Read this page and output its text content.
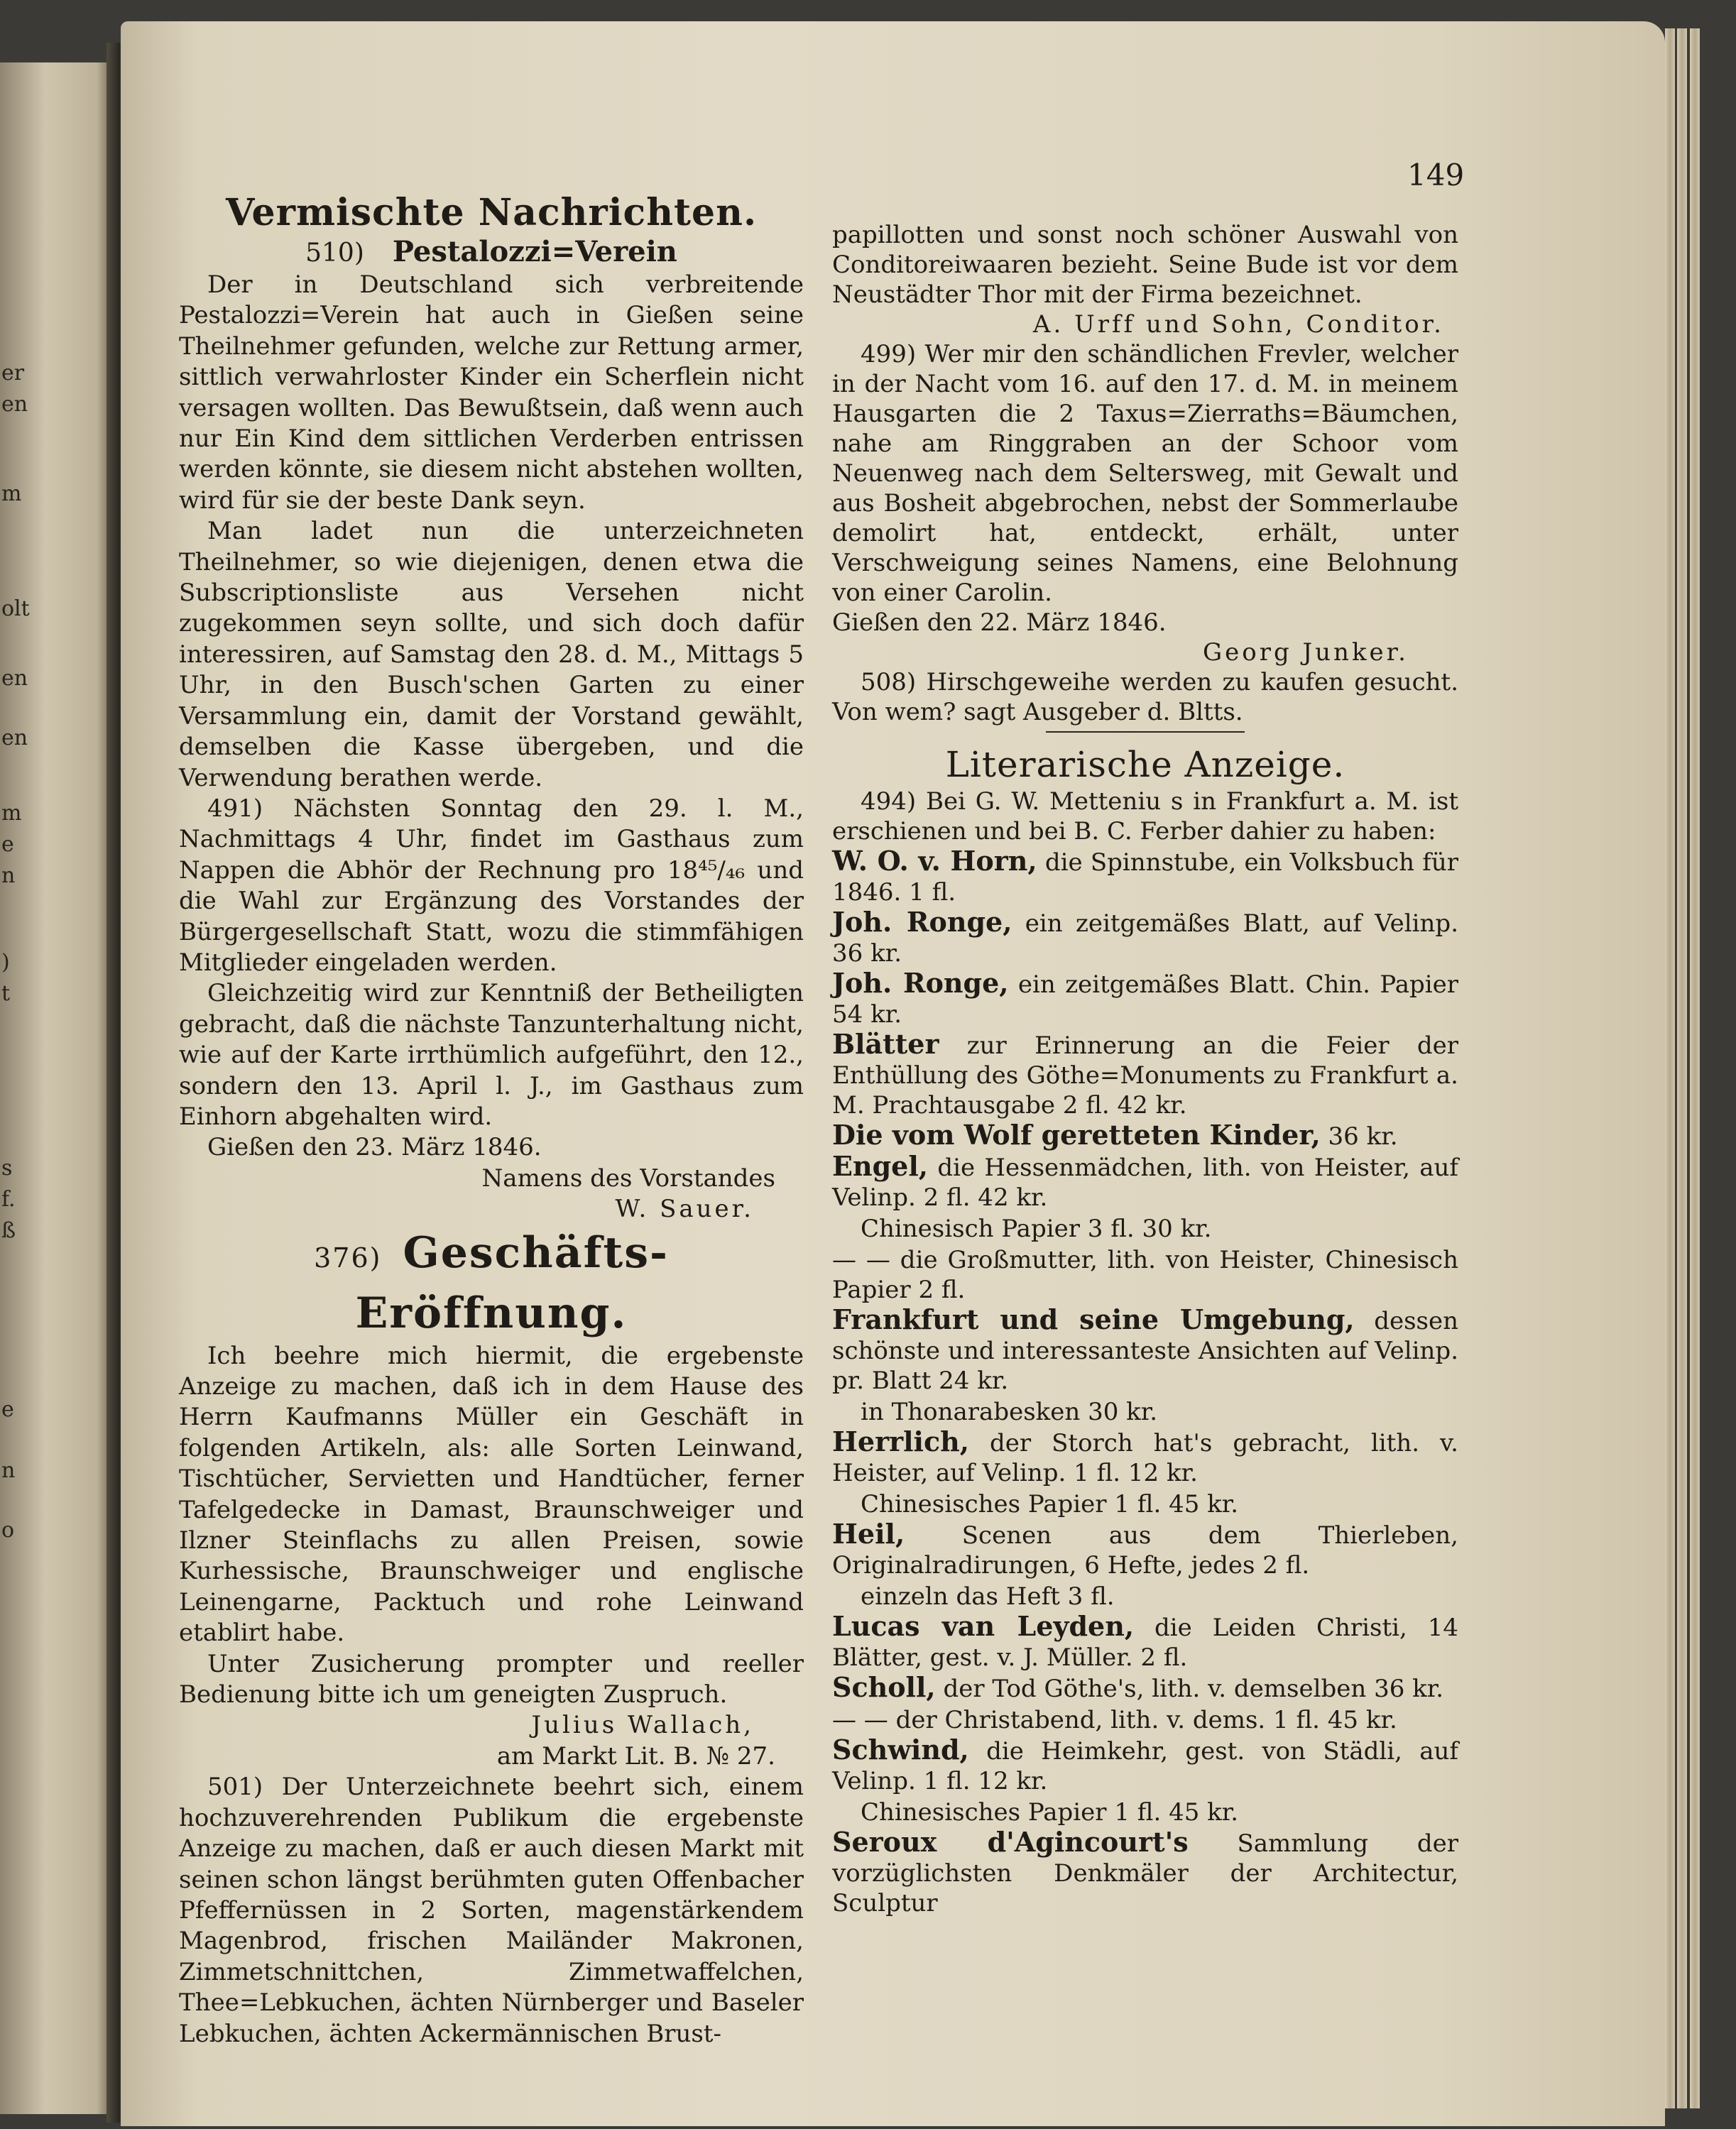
er
en
m
olt
en
en
m
e
n
)
t
s
f.
ß
e
n
o
149
Vermischte Nachrichten.
510) Pestalozzi=Verein

Der in Deutschland sich verbreitende Pestalozzi=Verein hat auch in Gießen seine Theilnehmer gefunden, welche zur Rettung armer, sittlich verwahrloster Kinder ein Scherflein nicht versagen wollten. Das Bewußtsein, daß wenn auch nur Ein Kind dem sittlichen Verderben entrissen werden könnte, sie diesem nicht abstehen wollten, wird für sie der beste Dank seyn.

Man ladet nun die unterzeichneten Theilnehmer, so wie diejenigen, denen etwa die Subscriptionsliste aus Versehen nicht zugekommen seyn sollte, und sich doch dafür interessiren, auf Samstag den 28. d. M., Mittags 5 Uhr, in den Busch'schen Garten zu einer Versammlung ein, damit der Vorstand gewählt, demselben die Kasse übergeben, und die Verwendung berathen werde.

491) Nächsten Sonntag den 29. l. M., Nachmittags 4 Uhr, findet im Gasthaus zum Nappen die Abhör der Rechnung pro 18⁴⁵/₄₆ und die Wahl zur Ergänzung des Vorstandes der Bürgergesellschaft Statt, wozu die stimmfähigen Mitglieder eingeladen werden.

Gleichzeitig wird zur Kenntniß der Betheiligten gebracht, daß die nächste Tanzunterhaltung nicht, wie auf der Karte irrthümlich aufgeführt, den 12., sondern den 13. April l. J., im Gasthaus zum Einhorn abgehalten wird.

Gießen den 23. März 1846.

Namens des Vorstandes

W. Sauer.

376) Geschäfts-Eröffnung.

Ich beehre mich hiermit, die ergebenste Anzeige zu machen, daß ich in dem Hause des Herrn Kaufmanns Müller ein Geschäft in folgenden Artikeln, als: alle Sorten Leinwand, Tischtücher, Servietten und Handtücher, ferner Tafelgedecke in Damast, Braunschweiger und Ilzner Steinflachs zu allen Preisen, sowie Kurhessische, Braunschweiger und englische Leinengarne, Packtuch und rohe Leinwand etablirt habe.

Unter Zusicherung prompter und reeller Bedienung bitte ich um geneigten Zuspruch.

Julius Wallach,

am Markt Lit. B. № 27.

501) Der Unterzeichnete beehrt sich, einem hochzuverehrenden Publikum die ergebenste Anzeige zu machen, daß er auch diesen Markt mit seinen schon längst berühmten guten Offenbacher Pfeffernüssen in 2 Sorten, magenstärkendem Magenbrod, frischen Mailänder Makronen, Zimmetschnittchen, Zimmetwaffelchen, Thee=Lebkuchen, ächten Nürnberger und Baseler Lebkuchen, ächten Ackermännischen Brust-

papillotten und sonst noch schöner Auswahl von Conditoreiwaaren bezieht. Seine Bude ist vor dem Neustädter Thor mit der Firma bezeichnet.

A. Urff und Sohn, Conditor.

499) Wer mir den schändlichen Frevler, welcher in der Nacht vom 16. auf den 17. d. M. in meinem Hausgarten die 2 Taxus=Zierraths=Bäumchen, nahe am Ringgraben an der Schoor vom Neuenweg nach dem Seltersweg, mit Gewalt und aus Bosheit abgebrochen, nebst der Sommerlaube demolirt hat, entdeckt, erhält, unter Verschweigung seines Namens, eine Belohnung von einer Carolin.

Gießen den 22. März 1846.

Georg Junker.

508) Hirschgeweihe werden zu kaufen gesucht. Von wem? sagt Ausgeber d. Bltts.

Literarische Anzeige.

494) Bei G. W. Metteniu s in Frankfurt a. M. ist erschienen und bei B. C. Ferber dahier zu haben:

W. O. v. Horn, die Spinnstube, ein Volksbuch für 1846. 1 fl.

Joh. Ronge, ein zeitgemäßes Blatt, auf Velinp. 36 kr.

Joh. Ronge, ein zeitgemäßes Blatt. Chin. Papier 54 kr.

Blätter zur Erinnerung an die Feier der Enthüllung des Göthe=Monuments zu Frankfurt a. M. Prachtausgabe 2 fl. 42 kr.

Die vom Wolf geretteten Kinder, 36 kr.

Engel, die Hessenmädchen, lith. von Heister, auf Velinp. 2 fl. 42 kr.

Chinesisch Papier 3 fl. 30 kr.

— — die Großmutter, lith. von Heister, Chinesisch Papier 2 fl.

Frankfurt und seine Umgebung, dessen schönste und interessanteste Ansichten auf Velinp. pr. Blatt 24 kr.

in Thonarabesken 30 kr.

Herrlich, der Storch hat's gebracht, lith. v. Heister, auf Velinp. 1 fl. 12 kr.

Chinesisches Papier 1 fl. 45 kr.

Heil, Scenen aus dem Thierleben, Originalradirungen, 6 Hefte, jedes 2 fl.

einzeln das Heft 3 fl.

Lucas van Leyden, die Leiden Christi, 14 Blätter, gest. v. J. Müller. 2 fl.

Scholl, der Tod Göthe's, lith. v. demselben 36 kr.

— — der Christabend, lith. v. dems. 1 fl. 45 kr.

Schwind, die Heimkehr, gest. von Städli, auf Velinp. 1 fl. 12 kr.

Chinesisches Papier 1 fl. 45 kr.

Seroux d'Agincourt's Sammlung der vorzüglichsten Denkmäler der Architectur, Sculptur
